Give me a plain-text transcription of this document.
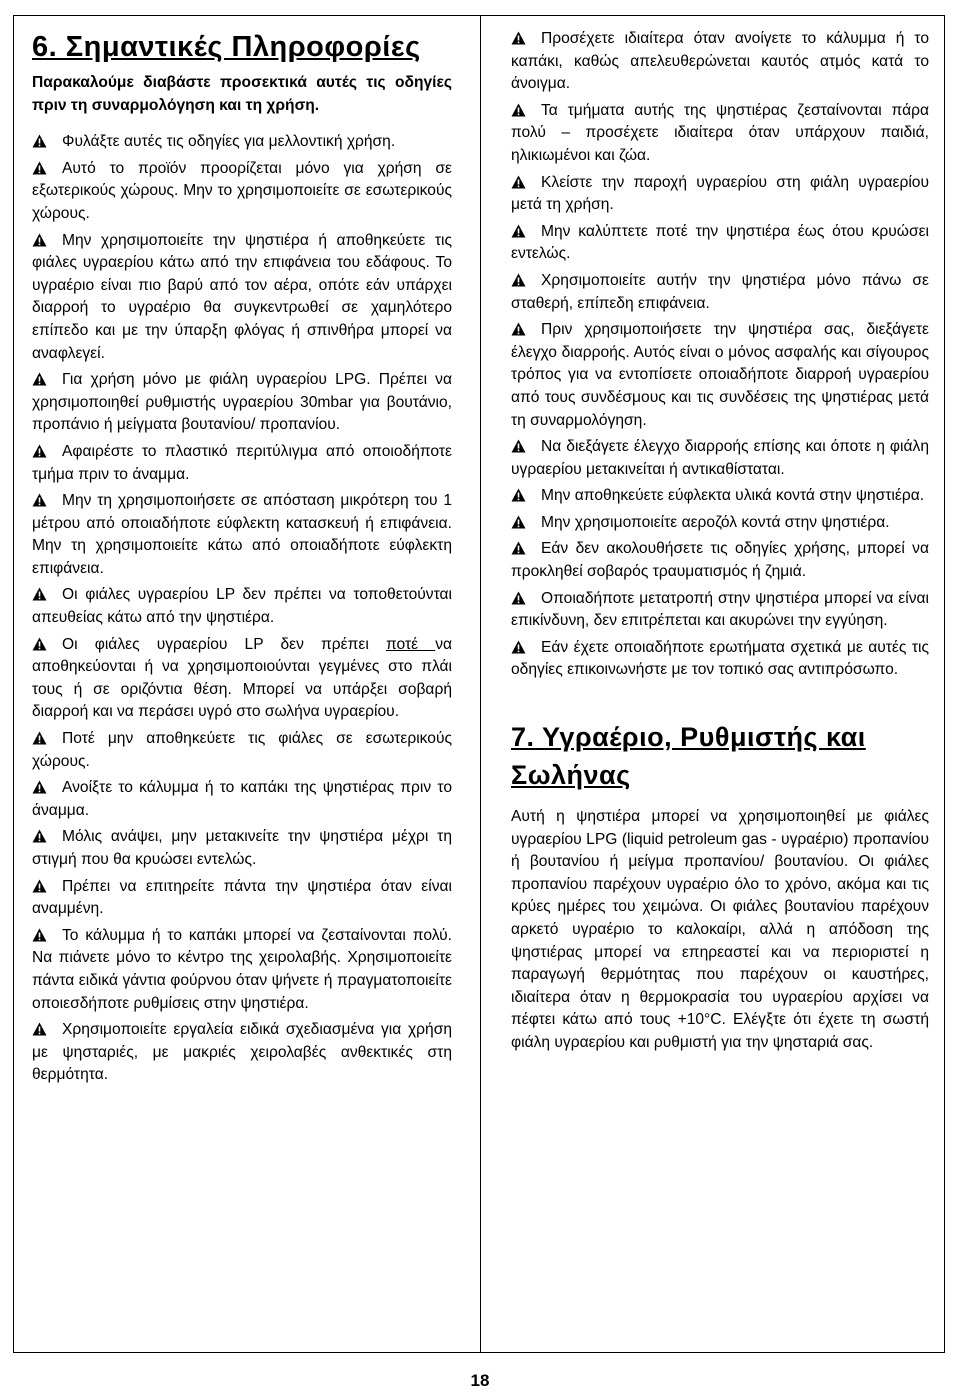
6. Σημαντικές Πληροφορίες

Παρακαλούμε διαβάστε προσεκτικά αυτές τις οδηγίες πριν τη συναρμολόγηση και τη χρήση.

Φυλάξτε αυτές τις οδηγίες για μελλοντική χρήση.
Αυτό το προϊόν προορίζεται μόνο για χρήση σε εξωτερικούς χώρους. Μην το χρησιμοποιείτε σε εσωτερικούς χώρους.
Μην χρησιμοποιείτε την ψηστιέρα ή αποθηκεύετε τις φιάλες υγραερίου κάτω από την επιφάνεια του εδάφους. Το υγραέριο είναι πιο βαρύ από τον αέρα, οπότε εάν υπάρχει διαρροή το υγραέριο θα συγκεντρωθεί σε χαμηλότερο επίπεδο και με την ύπαρξη φλόγας ή σπινθήρα μπορεί να αναφλεγεί.
Για χρήση μόνο με φιάλη υγραερίου LPG. Πρέπει να χρησιμοποιηθεί ρυθμιστής υγραερίου 30mbar για βουτάνιο, προπάνιο ή μείγματα βουτανίου/ προπανίου.
Αφαιρέστε το πλαστικό περιτύλιγμα από οποιοδήποτε τμήμα πριν το άναμμα.
Μην τη χρησιμοποιήσετε σε απόσταση μικρότερη του 1 μέτρου από οποιαδήποτε εύφλεκτη κατασκευή ή επιφάνεια. Μην τη χρησιμοποιείτε κάτω από οποιαδήποτε εύφλεκτη επιφάνεια.
Οι φιάλες υγραερίου LP δεν πρέπει να τοποθετούνται απευθείας κάτω από την ψηστιέρα.
Οι φιάλες υγραερίου LP δεν πρέπει ποτέ να αποθηκεύονται ή να χρησιμοποιούνται γεγμένες στο πλάι τους ή σε οριζόντια θέση. Μπορεί να υπάρξει σοβαρή διαρροή και να περάσει υγρό στο σωλήνα υγραερίου.
Ποτέ μην αποθηκεύετε τις φιάλες σε εσωτερικούς χώρους.
Ανοίξτε το κάλυμμα ή το καπάκι της ψηστιέρας πριν το άναμμα.
Μόλις ανάψει, μην μετακινείτε την ψηστιέρα μέχρι τη στιγμή που θα κρυώσει εντελώς.
Πρέπει να επιτηρείτε πάντα την ψηστιέρα όταν είναι αναμμένη.
Το κάλυμμα ή το καπάκι μπορεί να ζεσταίνονται πολύ. Να πιάνετε μόνο το κέντρο της χειρολαβής. Χρησιμοποιείτε πάντα ειδικά γάντια φούρνου όταν ψήνετε ή πραγματοποιείτε οποιεσδήποτε ρυθμίσεις στην ψηστιέρα.
Χρησιμοποιείτε εργαλεία ειδικά σχεδιασμένα για χρήση με ψησταριές, με μακριές χειρολαβές ανθεκτικές στη θερμότητα.
Προσέχετε ιδιαίτερα όταν ανοίγετε το κάλυμμα ή το καπάκι, καθώς απελευθερώνεται καυτός ατμός κατά το άνοιγμα.
Τα τμήματα αυτής της ψηστιέρας ζεσταίνονται πάρα πολύ – προσέχετε ιδιαίτερα όταν υπάρχουν παιδιά, ηλικιωμένοι και ζώα.
Κλείστε την παροχή υγραερίου στη φιάλη υγραερίου μετά τη χρήση.
Μην καλύπτετε ποτέ την ψηστιέρα έως ότου κρυώσει εντελώς.
Χρησιμοποιείτε αυτήν την ψηστιέρα μόνο πάνω σε σταθερή, επίπεδη επιφάνεια.
Πριν χρησιμοποιήσετε την ψηστιέρα σας, διεξάγετε έλεγχο διαρροής. Αυτός είναι ο μόνος ασφαλής και σίγουρος τρόπος για να εντοπίσετε οποιαδήποτε διαρροή υγραερίου από τους συνδέσμους και τις συνδέσεις της ψηστιέρας μετά τη συναρμολόγηση.
Να διεξάγετε έλεγχο διαρροής επίσης και όποτε η φιάλη υγραερίου μετακινείται ή αντικαθίσταται.
Μην αποθηκεύετε εύφλεκτα υλικά κοντά στην ψηστιέρα.
Μην χρησιμοποιείτε αεροζόλ κοντά στην ψηστιέρα.
Εάν δεν ακολουθήσετε τις οδηγίες χρήσης, μπορεί να προκληθεί σοβαρός τραυματισμός ή ζημιά.
Οποιαδήποτε μετατροπή στην ψηστιέρα μπορεί να είναι επικίνδυνη, δεν επιτρέπεται και ακυρώνει την εγγύηση.
Εάν έχετε οποιαδήποτε ερωτήματα σχετικά με αυτές τις οδηγίες επικοινωνήστε με τον τοπικό σας αντιπρόσωπο.
7. Υγραέριο, Ρυθμιστής και Σωλήνας

Αυτή η ψηστιέρα μπορεί να χρησιμοποιηθεί με φιάλες υγραερίου LPG (liquid petroleum gas - υγραέριο) προπανίου ή βουτανίου ή μείγμα προπανίου/ βουτανίου. Οι φιάλες προπανίου παρέχουν υγραέριο όλο το χρόνο, ακόμα και τις κρύες ημέρες του χειμώνα. Οι φιάλες βουτανίου παρέχουν αρκετό υγραέριο το καλοκαίρι, αλλά η απόδοση της ψηστιέρας μπορεί να επηρεαστεί και να περιοριστεί η παραγωγή θερμότητας που παρέχουν οι καυστήρες, ιδιαίτερα όταν η θερμοκρασία του υγραερίου αρχίσει να πέφτει κάτω από τους +10°C. Ελέγξτε ότι έχετε τη σωστή φιάλη υγραερίου και ρυθμιστή για την ψησταριά σας.

18
